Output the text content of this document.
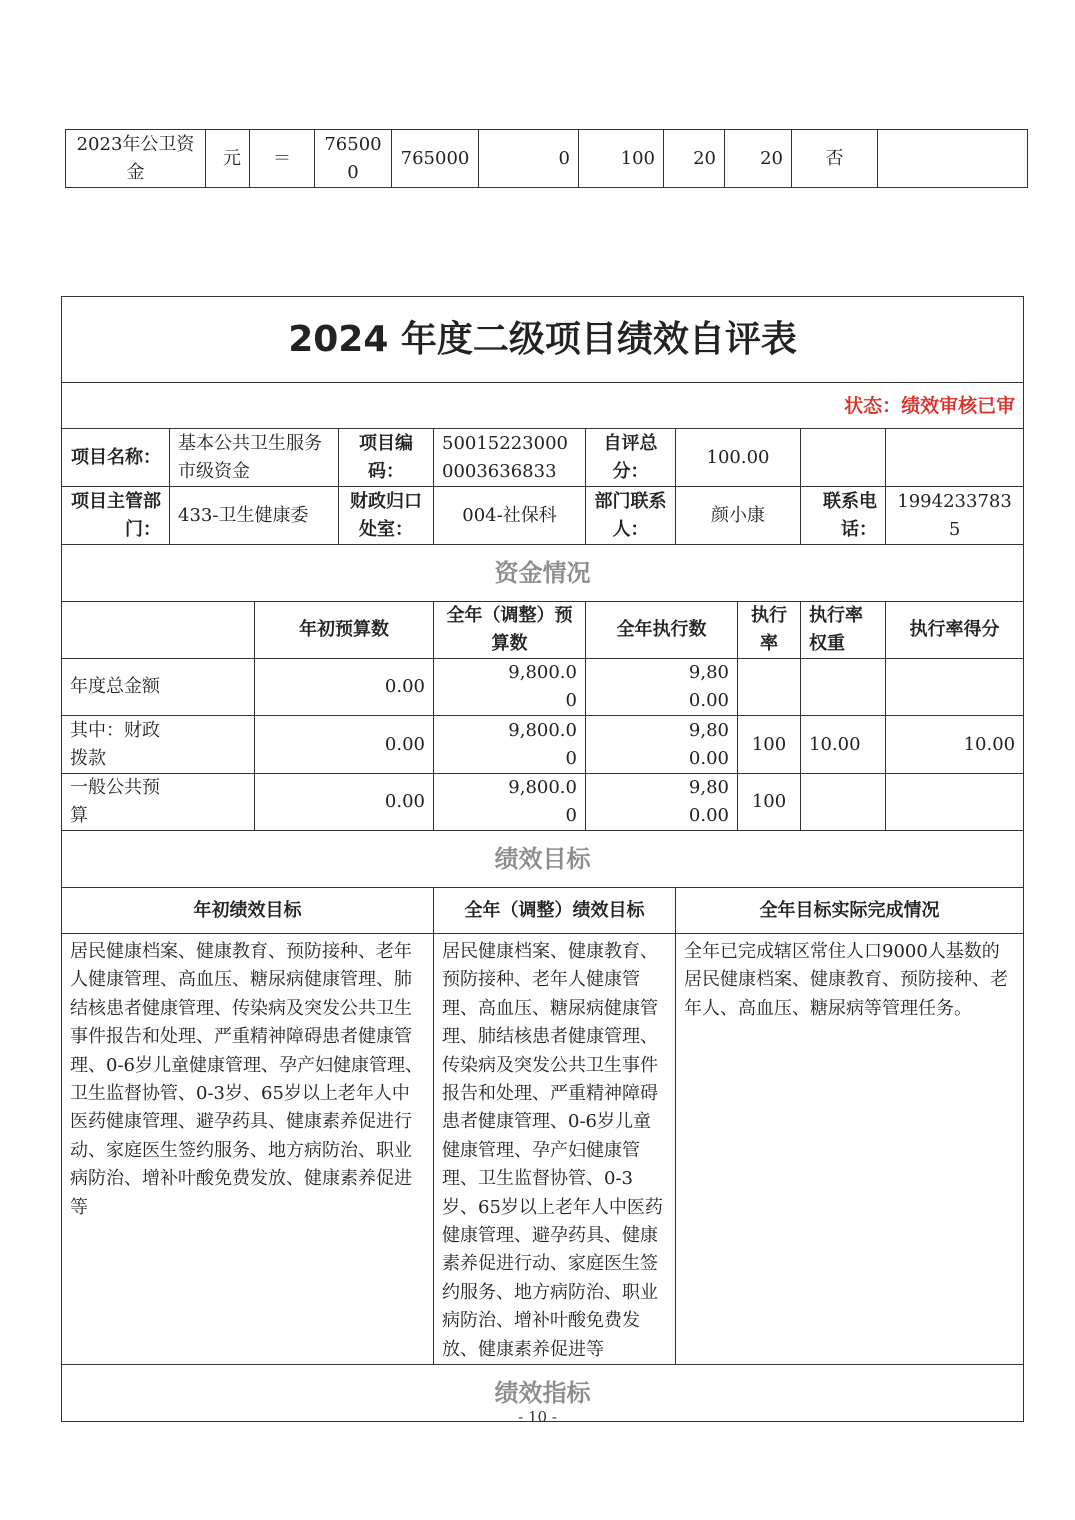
2023年公卫资金	元	＝	765000	765000	0	100	20	20	否	
2024 年度二级项目绩效自评表									
状态：绩效审核已审									
项目名称：	基本公共卫生服务市级资金		项目编码：	500152230000003636833	自评总分：	100.00			
项目主管部门：	433-卫生健康委		财政归口处室：	004-社保科	部门联系人：	颜小康		联系电话：	19942337835
资金情况									
		年初预算数		全年（调整）预算数	全年执行数		执行率	执行率权重	执行率得分
年度总金额		0.00		9,800.00	9,800.00				
其中：财政拨款		0.00		9,800.00	9,800.00		100	10.00	10.00
一般公共预算		0.00		9,800.00	9,800.00		100		
绩效目标									
年初绩效目标				全年（调整）绩效目标		全年目标实际完成情况			
居民健康档案、健康教育、预防接种、老年人健康管理、高血压、糖尿病健康管理、肺结核患者健康管理、传染病及突发公共卫生事件报告和处理、严重精神障碍患者健康管理、0-6岁儿童健康管理、孕产妇健康管理、卫生监督协管、0-3岁、65岁以上老年人中医药健康管理、避孕药具、健康素养促进行动、家庭医生签约服务、地方病防治、职业病防治、增补叶酸免费发放、健康素养促进等				居民健康档案、健康教育、预防接种、老年人健康管理、高血压、糖尿病健康管理、肺结核患者健康管理、传染病及突发公共卫生事件报告和处理、严重精神障碍患者健康管理、0-6岁儿童健康管理、孕产妇健康管理、卫生监督协管、0-3岁、65岁以上老年人中医药健康管理、避孕药具、健康素养促进行动、家庭医生签约服务、地方病防治、职业病防治、增补叶酸免费发放、健康素养促进等		全年已完成辖区常住人口9000人基数的居民健康档案、健康教育、预防接种、老年人、高血压、糖尿病等管理任务。			
绩效指标									
- 10 -
